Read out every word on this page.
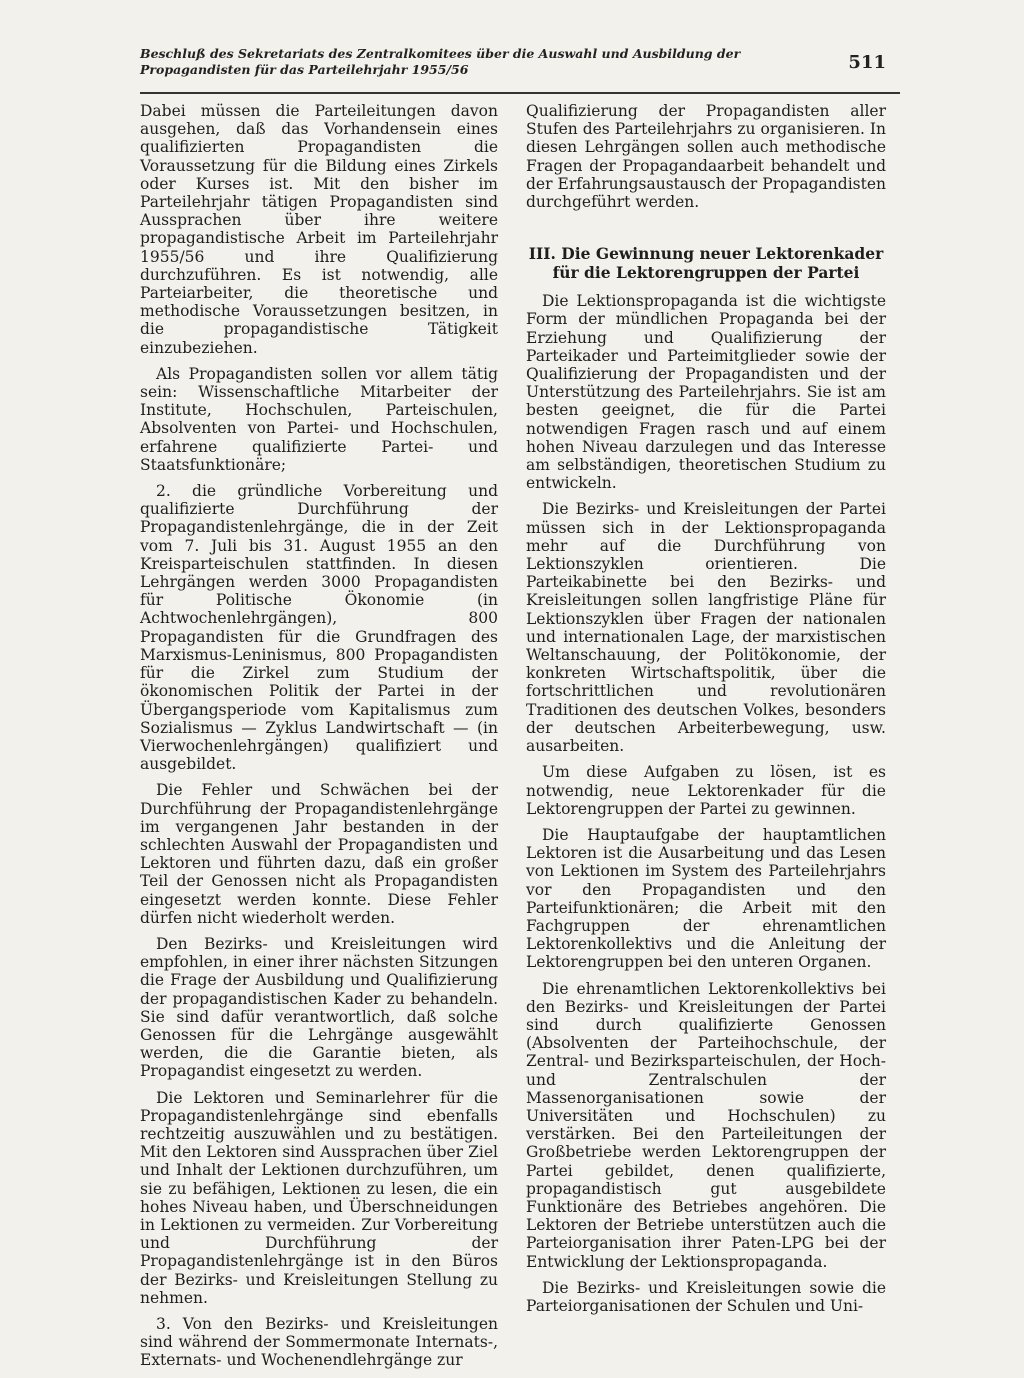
Beschluß des Sekretariats des Zentralkomitees über die Auswahl und Ausbildung der
Propagandisten für das Parteilehrjahr 1955/56	511

Dabei müssen die Parteileitungen davon ausgehen, daß das Vorhandensein eines qualifizierten Propagandisten die Voraussetzung für die Bildung eines Zirkels oder Kurses ist. Mit den bisher im Parteilehrjahr tätigen Propagandisten sind Aussprachen über ihre weitere propagandistische Arbeit im Parteilehrjahr 1955/56 und ihre Qualifizierung durchzuführen. Es ist notwendig, alle Parteiarbeiter, die theoretische und methodische Voraussetzungen besitzen, in die propagandistische Tätigkeit einzubeziehen.

Als Propagandisten sollen vor allem tätig sein: Wissenschaftliche Mitarbeiter der Institute, Hochschulen, Parteischulen, Absolventen von Partei- und Hochschulen, erfahrene qualifizierte Partei- und Staatsfunktionäre;

2. die gründliche Vorbereitung und qualifizierte Durchführung der Propagandistenlehrgänge, die in der Zeit vom 7. Juli bis 31. August 1955 an den Kreisparteischulen stattfinden. In diesen Lehrgängen werden 3000 Propagandisten für Politische Ökonomie (in Achtwochenlehrgängen), 800 Propagandisten für die Grundfragen des Marxismus-Leninismus, 800 Propagandisten für die Zirkel zum Studium der ökonomischen Politik der Partei in der Übergangsperiode vom Kapitalismus zum Sozialismus — Zyklus Landwirtschaft — (in Vierwochenlehrgängen) qualifiziert und ausgebildet.

Die Fehler und Schwächen bei der Durchführung der Propagandistenlehrgänge im vergangenen Jahr bestanden in der schlechten Auswahl der Propagandisten und Lektoren und führten dazu, daß ein großer Teil der Genossen nicht als Propagandisten eingesetzt werden konnte. Diese Fehler dürfen nicht wiederholt werden.

Den Bezirks- und Kreisleitungen wird empfohlen, in einer ihrer nächsten Sitzungen die Frage der Ausbildung und Qualifizierung der propagandistischen Kader zu behandeln. Sie sind dafür verantwortlich, daß solche Genossen für die Lehrgänge ausgewählt werden, die die Garantie bieten, als Propagandist eingesetzt zu werden.

Die Lektoren und Seminarlehrer für die Propagandistenlehrgänge sind ebenfalls rechtzeitig auszuwählen und zu bestätigen. Mit den Lektoren sind Aussprachen über Ziel und Inhalt der Lektionen durchzuführen, um sie zu befähigen, Lektionen zu lesen, die ein hohes Niveau haben, und Überschneidungen in Lektionen zu vermeiden. Zur Vorbereitung und Durchführung der Propagandistenlehrgänge ist in den Büros der Bezirks- und Kreisleitungen Stellung zu nehmen.

3. Von den Bezirks- und Kreisleitungen sind während der Sommermonate Internats-, Externats- und Wochenendlehrgänge zur

Qualifizierung der Propagandisten aller Stufen des Parteilehrjahrs zu organisieren. In diesen Lehrgängen sollen auch methodische Fragen der Propagandaarbeit behandelt und der Erfahrungsaustausch der Propagandisten durchgeführt werden.

III. Die Gewinnung neuer Lektorenkader für die Lektorengruppen der Partei

Die Lektionspropaganda ist die wichtigste Form der mündlichen Propaganda bei der Erziehung und Qualifizierung der Parteikader und Parteimitglieder sowie der Qualifizierung der Propagandisten und der Unterstützung des Parteilehrjahrs. Sie ist am besten geeignet, die für die Partei notwendigen Fragen rasch und auf einem hohen Niveau darzulegen und das Interesse am selbständigen, theoretischen Studium zu entwickeln.

Die Bezirks- und Kreisleitungen der Partei müssen sich in der Lektionspropaganda mehr auf die Durchführung von Lektionszyklen orientieren. Die Parteikabinette bei den Bezirks- und Kreisleitungen sollen langfristige Pläne für Lektionszyklen über Fragen der nationalen und internationalen Lage, der marxistischen Weltanschauung, der Politökonomie, der konkreten Wirtschaftspolitik, über die fortschrittlichen und revolutionären Traditionen des deutschen Volkes, besonders der deutschen Arbeiterbewegung, usw. ausarbeiten.

Um diese Aufgaben zu lösen, ist es notwendig, neue Lektorenkader für die Lektorengruppen der Partei zu gewinnen.

Die Hauptaufgabe der hauptamtlichen Lektoren ist die Ausarbeitung und das Lesen von Lektionen im System des Parteilehrjahrs vor den Propagandisten und den Parteifunktionären; die Arbeit mit den Fachgruppen der ehrenamtlichen Lektorenkollektivs und die Anleitung der Lektorengruppen bei den unteren Organen.

Die ehrenamtlichen Lektorenkollektivs bei den Bezirks- und Kreisleitungen der Partei sind durch qualifizierte Genossen (Absolventen der Parteihochschule, der Zentral- und Bezirksparteischulen, der Hoch- und Zentralschulen der Massenorganisationen sowie der Universitäten und Hochschulen) zu verstärken. Bei den Parteileitungen der Großbetriebe werden Lektorengruppen der Partei gebildet, denen qualifizierte, propagandistisch gut ausgebildete Funktionäre des Betriebes angehören. Die Lektoren der Betriebe unterstützen auch die Parteiorganisation ihrer Paten-LPG bei der Entwicklung der Lektionspropaganda.

Die Bezirks- und Kreisleitungen sowie die Parteiorganisationen der Schulen und Uni-
